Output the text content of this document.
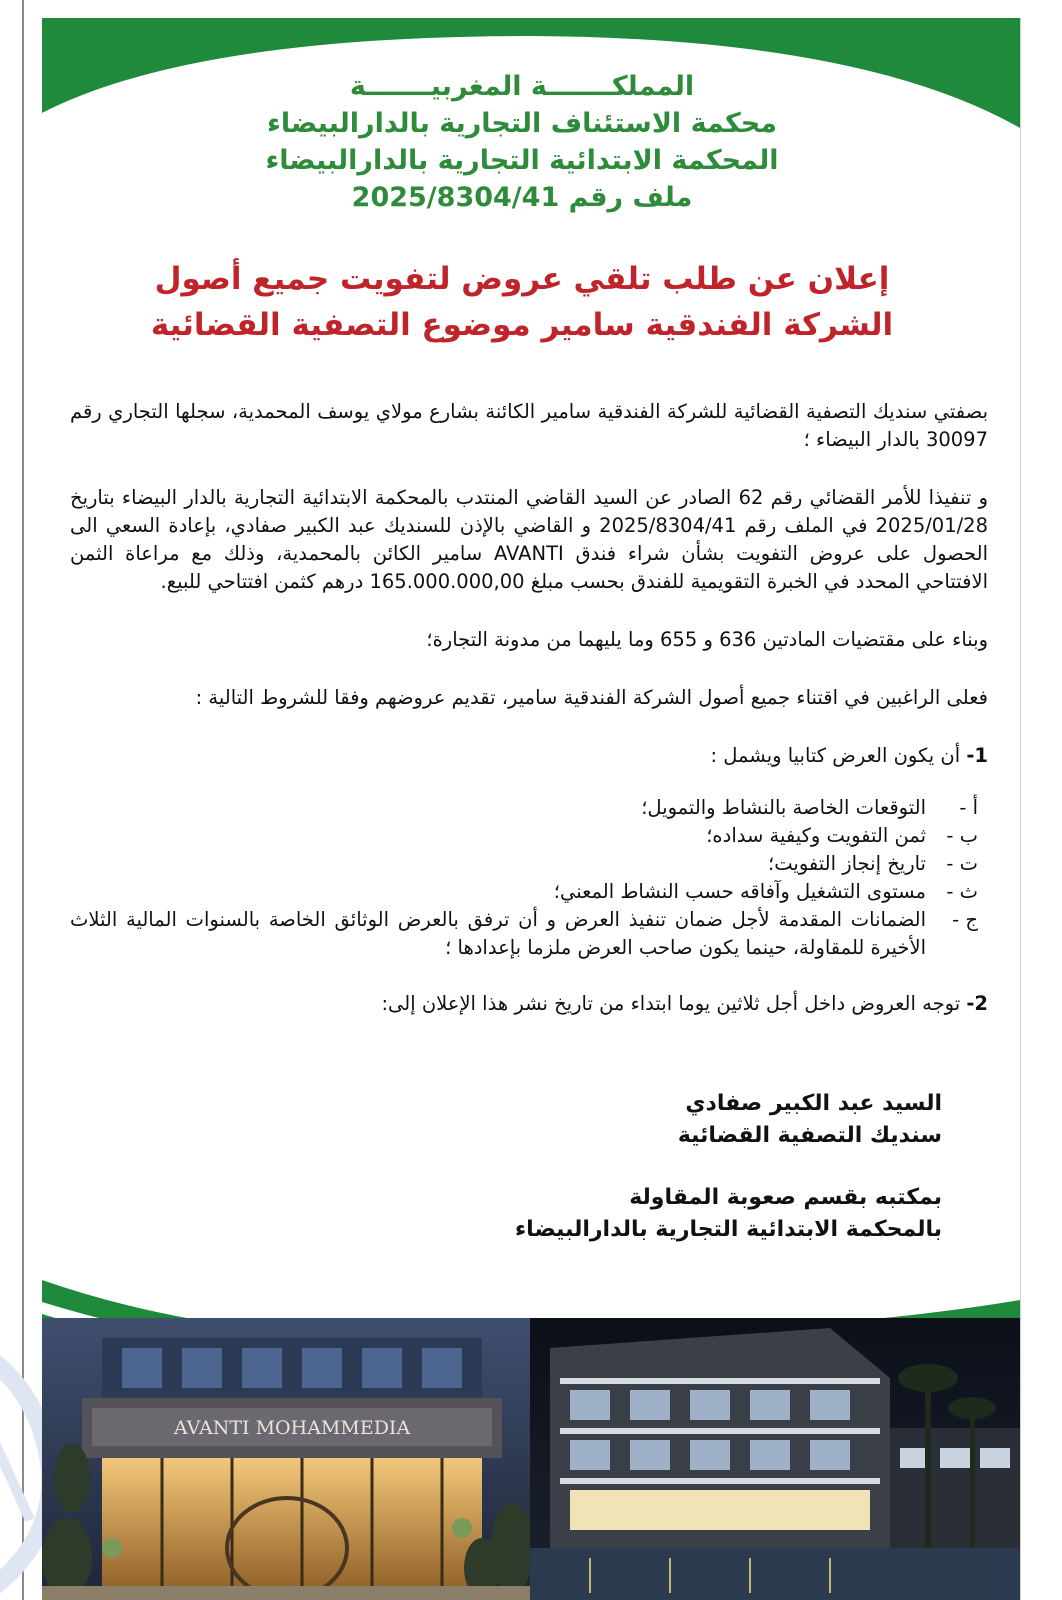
المملكـــــــة المغربيـــــــة
محكمة الاستئناف التجارية بالدارالبيضاء
المحكمة الابتدائية التجارية بالدارالبيضاء
ملف رقم 2025/8304/41
إعلان عن طلب تلقي عروض لتفويت جميع أصول
الشركة الفندقية سامير موضوع التصفية القضائية

بصفتي سنديك التصفية القضائية للشركة الفندقية سامير الكائنة بشارع مولاي يوسف المحمدية، سجلها التجاري رقم 30097 بالدار البيضاء ؛

و تنفيذا للأمر القضائي رقم 62 الصادر عن السيد القاضي المنتدب بالمحكمة الابتدائية التجارية بالدار البيضاء بتاريخ 2025/01/28 في الملف رقم 2025/8304/41 و القاضي بالإذن للسنديك عبد الكبير صفادي، بإعادة السعي الى الحصول على عروض التفويت بشأن شراء فندق AVANTI سامير الكائن بالمحمدية، وذلك مع مراعاة الثمن الافتتاحي المحدد في الخبرة التقويمية للفندق بحسب مبلغ 165.000.000,00 درهم كثمن افتتاحي للبيع.

وبناء على مقتضيات المادتين 636 و 655 وما يليهما من مدونة التجارة؛

فعلى الراغبين في اقتناء جميع أصول الشركة الفندقية سامير، تقديم عروضهم وفقا للشروط التالية :

1- أن يكون العرض كتابيا ويشمل :

أ -
التوقعات الخاصة بالنشاط والتمويل؛
ب -
ثمن التفويت وكيفية سداده؛
ت -
تاريخ إنجاز التفويت؛
ث -
مستوى التشغيل وآفاقه حسب النشاط المعني؛
ج -
الضمانات المقدمة لأجل ضمان تنفيذ العرض و أن ترفق بالعرض الوثائق الخاصة بالسنوات المالية الثلاث الأخيرة للمقاولة، حينما يكون صاحب العرض ملزما بإعدادها ؛

2- توجه العروض داخل أجل ثلاثين يوما ابتداء من تاريخ نشر هذا الإعلان إلى:

السيد عبد الكبير صفادي
سنديك التصفية القضائية
بمكتبه بقسم صعوبة المقاولة
بالمحكمة الابتدائية التجارية بالدارالبيضاء
AVANTI MOHAMMEDIA
